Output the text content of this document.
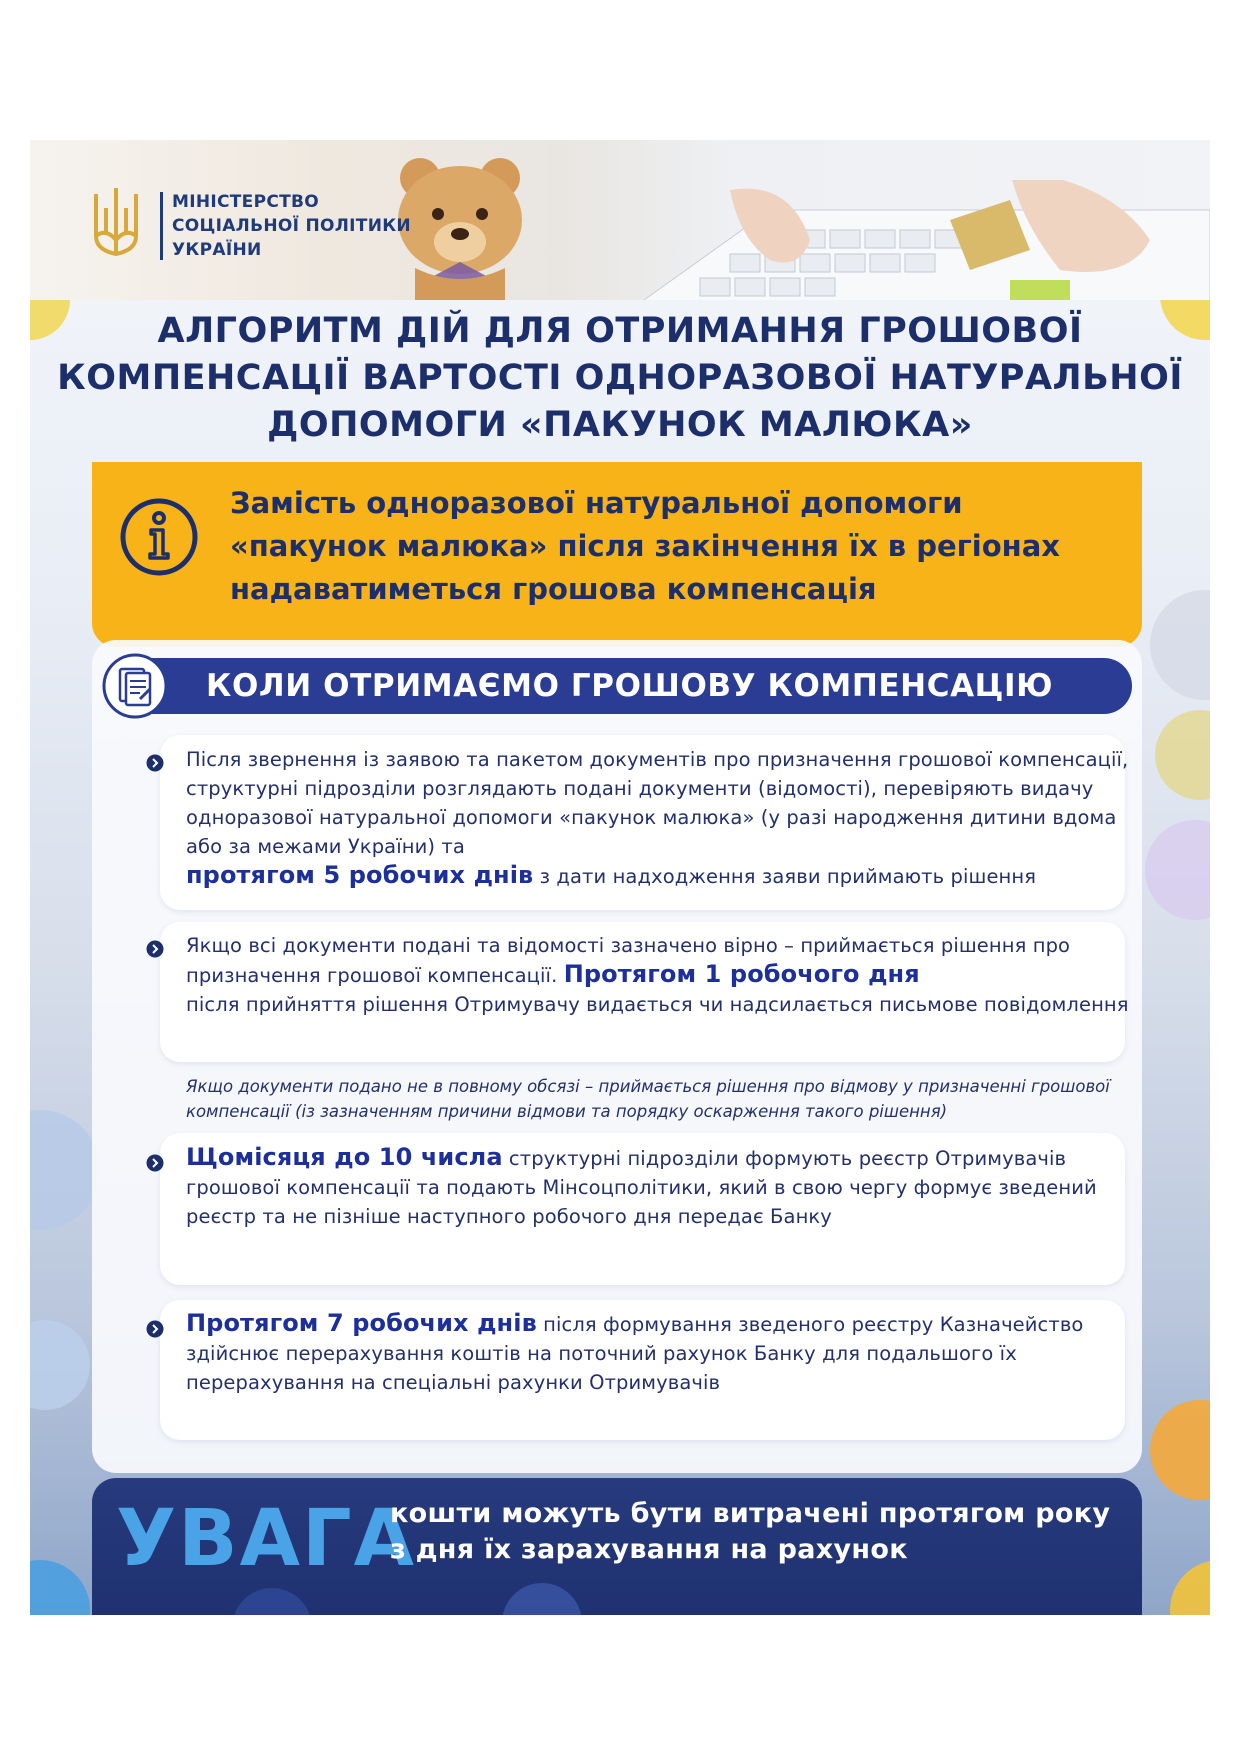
МІНІСТЕРСТВО
СОЦІАЛЬНОЇ ПОЛІТИКИ
УКРАЇНИ
АЛГОРИТМ ДІЙ ДЛЯ ОТРИМАННЯ ГРОШОВОЇ
КОМПЕНСАЦІЇ ВАРТОСТІ ОДНОРАЗОВОЇ НАТУРАЛЬНОЇ
ДОПОМОГИ «ПАКУНОК МАЛЮКА»
Замість одноразової натуральної допомоги
«пакунок малюка» після закінчення їх в регіонах
надаватиметься грошова компенсація
КОЛИ ОТРИМАЄМО ГРОШОВУ КОМПЕНСАЦІЮ
Після звернення із заявою та пакетом документів про призначення грошової компенсації, структурні підрозділи розглядають подані документи (відомості), перевіряють видачу одноразової натуральної допомоги «пакунок малюка» (у разі народження дитини вдома або за межами України) та
протягом 5 робочих днів з дати надходження заяви приймають рішення
Якщо всі документи подані та відомості зазначено вірно – приймається рішення про призначення грошової компенсації. Протягом 1 робочого дня
після прийняття рішення Отримувачу видається чи надсилається письмове повідомлення
Якщо документи подано не в повному обсязі – приймається рішення про відмову у призначенні грошової компенсації (із зазначенням причини відмови та порядку оскарження такого рішення)
Щомісяця до 10 числа структурні підрозділи формують реєстр Отримувачів грошової компенсації та подають Мінсоцполітики, який в свою чергу формує зведений реєстр та не пізніше наступного робочого дня передає Банку
Протягом 7 робочих днів після формування зведеного реєстру Казначейство здійснює перерахування коштів на поточний рахунок Банку для подальшого їх перерахування на спеціальні рахунки Отримувачів
УВАГА
кошти можуть бути витрачені протягом року
з дня їх зарахування на рахунок
